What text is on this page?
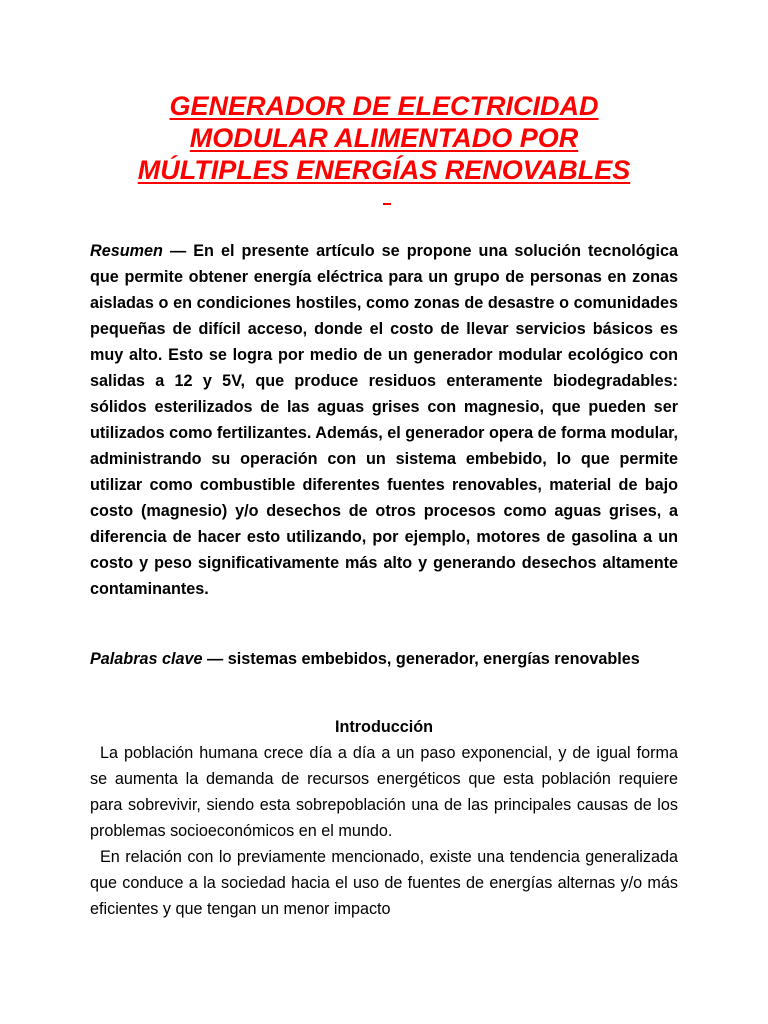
GENERADOR DE ELECTRICIDAD
MODULAR ALIMENTADO POR
MÚLTIPLES ENERGÍAS RENOVABLES
Resumen — En el presente artículo se propone una solución tecnológica que permite obtener energía eléctrica para un grupo de personas en zonas aisladas o en condiciones hostiles, como zonas de desastre o comunidades pequeñas de difícil acceso, donde el costo de llevar servicios básicos es muy alto. Esto se logra por medio de un generador modular ecológico con salidas a 12 y 5V, que produce residuos enteramente biodegradables: sólidos esterilizados de las aguas grises con magnesio, que pueden ser utilizados como fertilizantes. Además, el generador opera de forma modular, administrando su operación con un sistema embebido, lo que permite utilizar como combustible diferentes fuentes renovables, material de bajo costo (magnesio) y/o desechos de otros procesos como aguas grises, a diferencia de hacer esto utilizando, por ejemplo, motores de gasolina a un costo y peso significativamente más alto y generando desechos altamente contaminantes.
Palabras clave — sistemas embebidos, generador, energías renovables
Introducción

La población humana crece día a día a un paso exponencial, y de igual forma se aumenta la demanda de recursos energéticos que esta población requiere para sobrevivir, siendo esta sobrepoblación una de las principales causas de los problemas socioeconómicos en el mundo.

En relación con lo previamente mencionado, existe una tendencia generalizada que conduce a la sociedad hacia el uso de fuentes de energías alternas y/o más eficientes y que tengan un menor impacto
